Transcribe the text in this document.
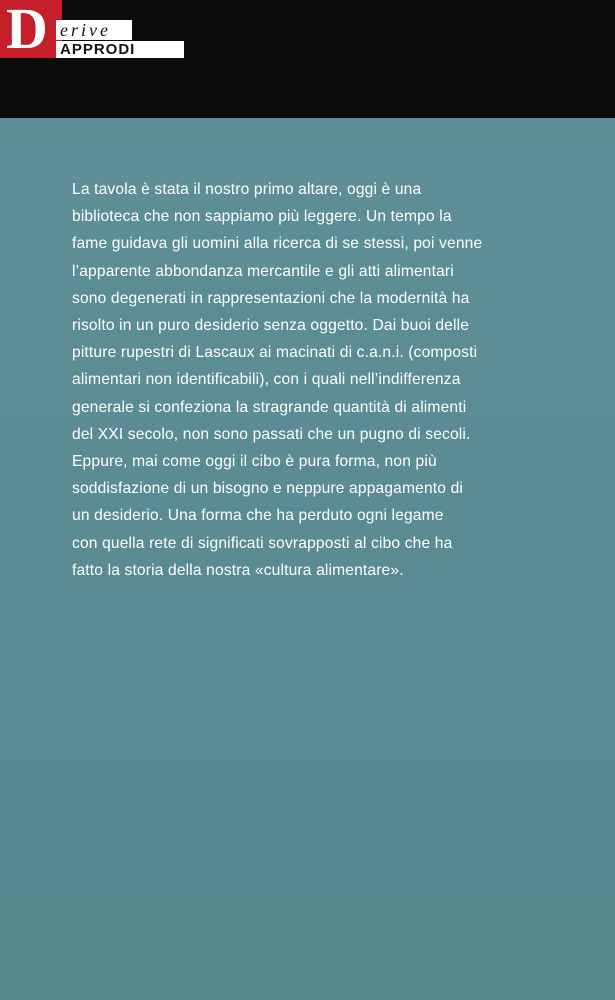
D erive
APPRODI

La tavola è stata il nostro primo altare, oggi è una
biblioteca che non sappiamo più leggere. Un tempo la
fame guidava gli uomini alla ricerca di se stessi, poi venne
l’apparente abbondanza mercantile e gli atti alimentari
sono degenerati in rappresentazioni che la modernità ha
risolto in un puro desiderio senza oggetto. Dai buoi delle
pitture rupestri di Lascaux ai macinati di c.a.n.i. (composti
alimentari non identificabili), con i quali nell’indifferenza
generale si confeziona la stragrande quantità di alimenti
del XXI secolo, non sono passati che un pugno di secoli.
Eppure, mai come oggi il cibo è pura forma, non più
soddisfazione di un bisogno e neppure appagamento di
un desiderio. Una forma che ha perduto ogni legame
con quella rete di significati sovrapposti al cibo che ha
fatto la storia della nostra «cultura alimentare».
